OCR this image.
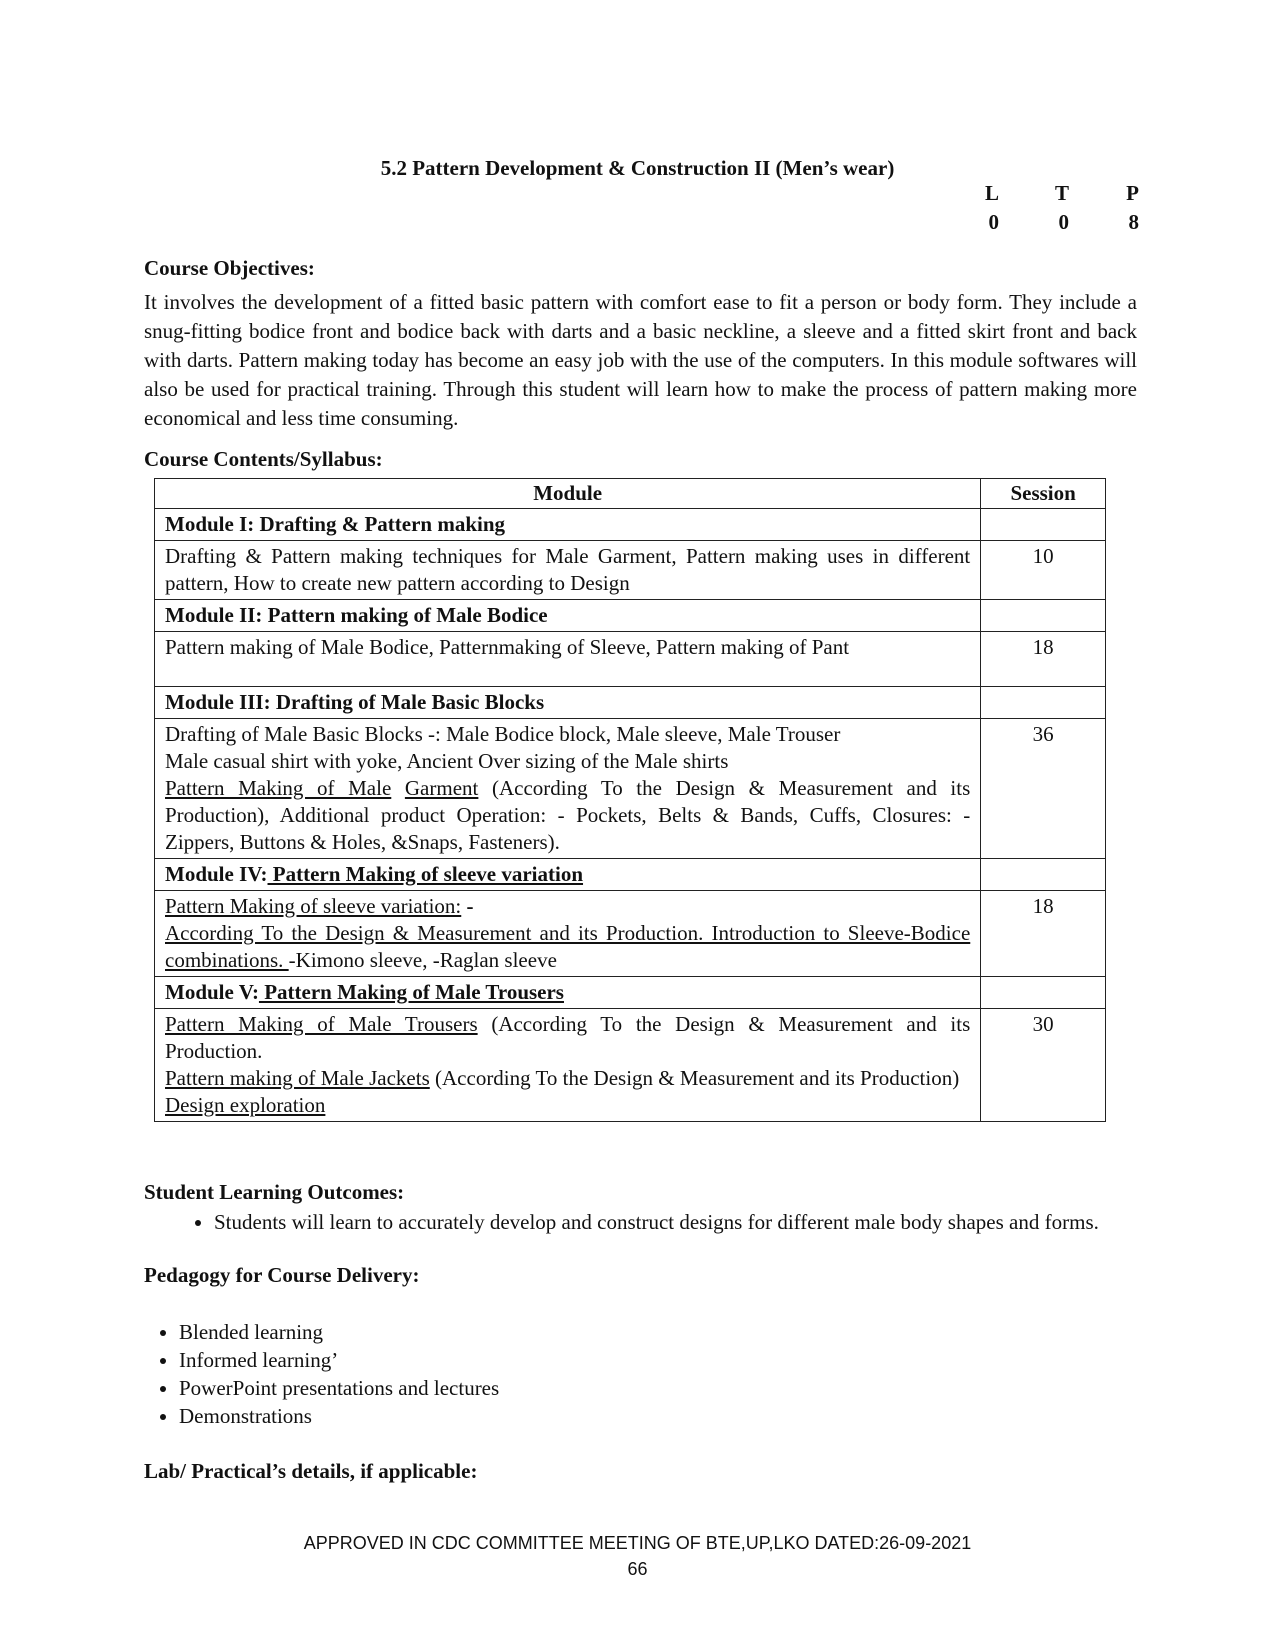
5.2 Pattern Development & Construction II (Men’s wear)
L	T	P
0	0	8
Course Objectives:

It involves the development of a fitted basic pattern with comfort ease to fit a person or body form. They include a snug-fitting bodice front and bodice back with darts and a basic neckline, a sleeve and a fitted skirt front and back with darts. Pattern making today has become an easy job with the use of the computers. In this module softwares will also be used for practical training. Through this student will learn how to make the process of pattern making more economical and less time consuming.

Course Contents/Syllabus:
Module	Session
Module I: Drafting & Pattern making	
Drafting & Pattern making techniques for Male Garment, Pattern making uses in different pattern, How to create new pattern according to Design	10
Module II: Pattern making of Male Bodice	
Pattern making of Male Bodice, Patternmaking of Sleeve, Pattern making of Pant	18
Module III: Drafting of Male Basic Blocks	
Drafting of Male Basic Blocks -: Male Bodice block, Male sleeve, Male Trouser
Male casual shirt with yoke, Ancient Over sizing of the Male shirts
Pattern Making of Male Garment (According To the Design & Measurement and its Production), Additional product Operation: - Pockets, Belts & Bands, Cuffs, Closures: - Zippers, Buttons & Holes, &Snaps, Fasteners).	36
Module IV: Pattern Making of sleeve variation	
Pattern Making of sleeve variation: -
According To the Design & Measurement and its Production. Introduction to Sleeve-Bodice combinations. -Kimono sleeve, -Raglan sleeve	18
Module V: Pattern Making of Male Trousers	
Pattern Making of Male Trousers (According To the Design & Measurement and its Production.
Pattern making of Male Jackets (According To the Design & Measurement and its Production)
Design exploration	30
Student Learning Outcomes:
• Students will learn to accurately develop and construct designs for different male body shapes and forms.
Pedagogy for Course Delivery:
• Blended learning
• Informed learning’
• PowerPoint presentations and lectures
• Demonstrations
Lab/ Practical’s details, if applicable:
APPROVED IN CDC COMMITTEE MEETING OF BTE,UP,LKO DATED:26-09-2021
66
